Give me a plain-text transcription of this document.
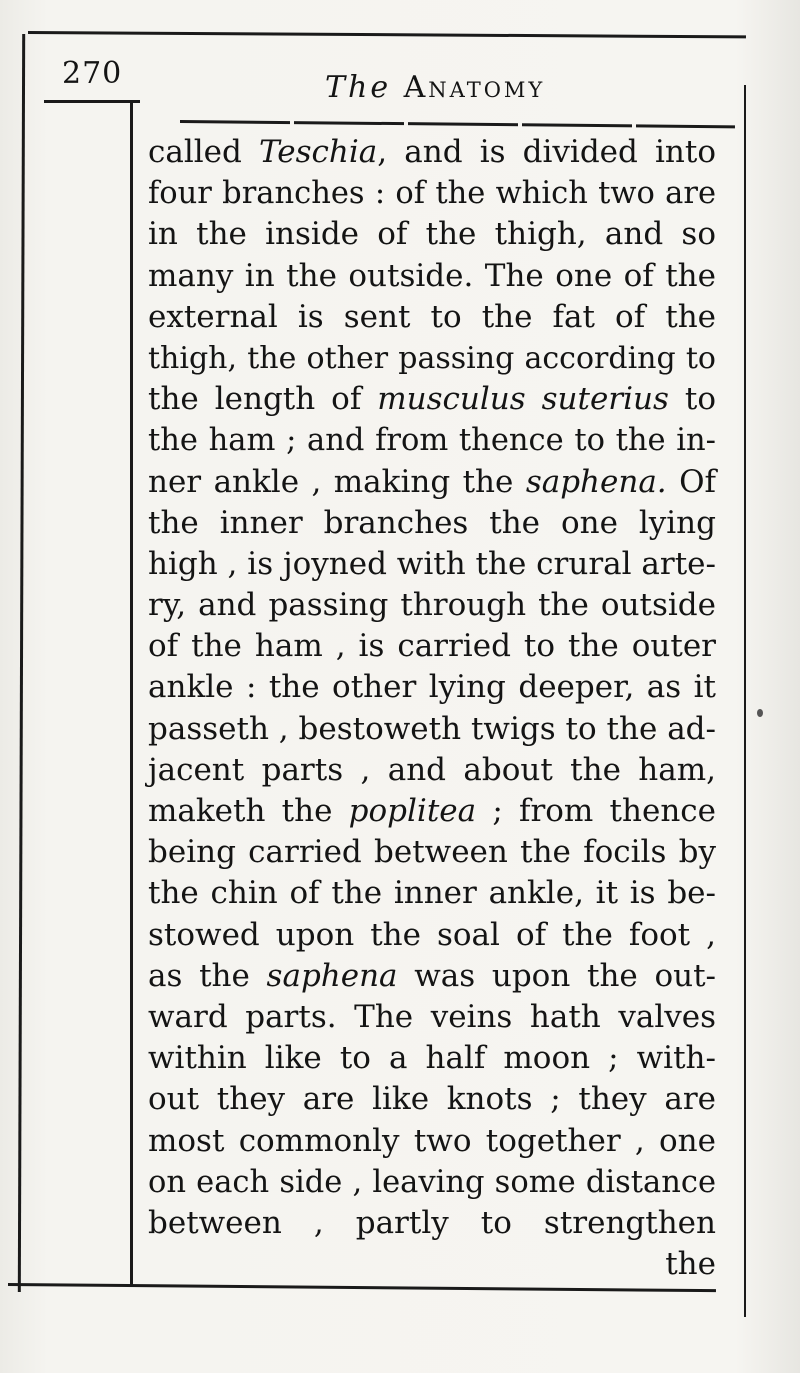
270	The Anatomy
called Teschia, and is divided into
four branches : of the which two are
in the inside of the thigh, and so
many in the outside. The one of the
external is sent to the fat of the
thigh, the other passing according to
the length of musculus suterius to
the ham ; and from thence to the in-
ner ankle , making the saphena. Of
the inner branches the one lying
high , is joyned with the crural arte-
ry, and passing through the outside
of the ham , is carried to the outer
ankle : the other lying deeper, as it
passeth , bestoweth twigs to the ad-
jacent parts , and about the ham,
maketh the poplitea ; from thence
being carried between the focils by
the chin of the inner ankle, it is be-
stowed upon the soal of the foot ,
as the saphena was upon the out-
ward parts. The veins hath valves
within like to a half moon ; with-
out they are like knots ; they are
most commonly two together , one
on each side , leaving some distance
between , partly to strengthen
the
